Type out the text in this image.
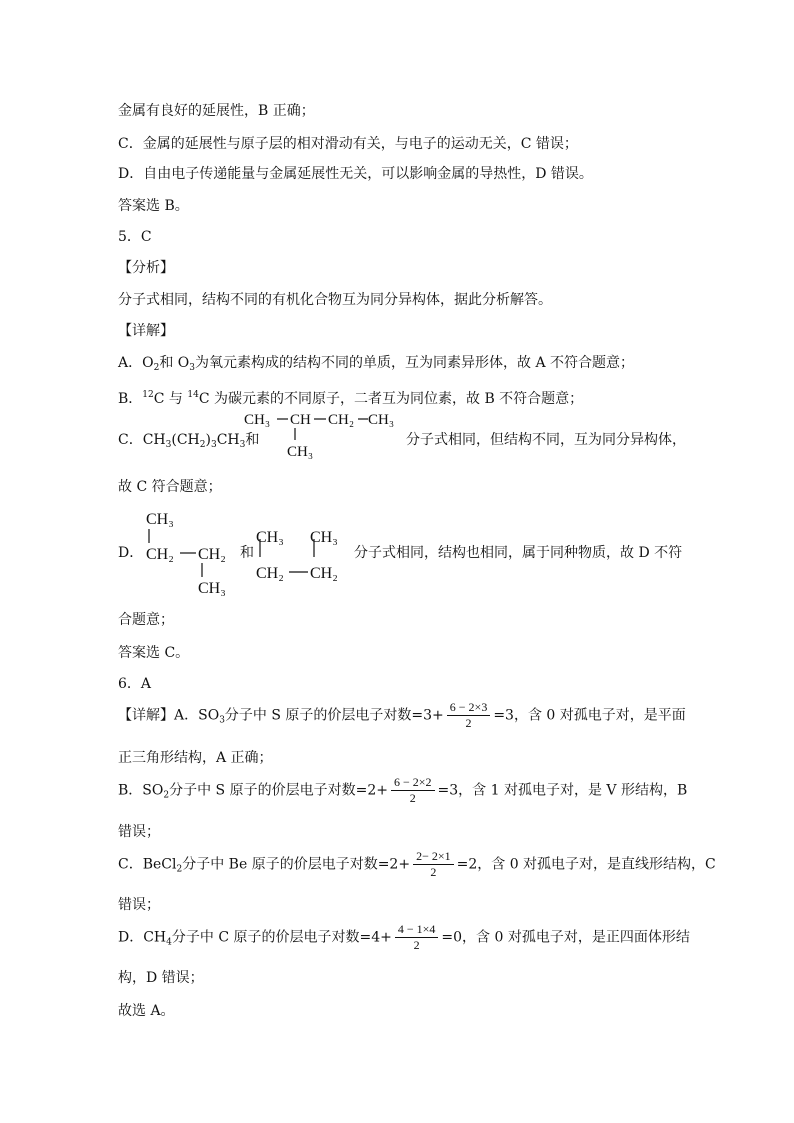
金属有良好的延展性，B 正确；
C．金属的延展性与原子层的相对滑动有关，与电子的运动无关，C 错误；
D．自由电子传递能量与金属延展性无关，可以影响金属的导热性，D 错误。
答案选 B。
5．C
【分析】
分子式相同，结构不同的有机化合物互为同分异构体，据此分析解答。
【详解】
A．$O_2$和 $O_3$为氧元素构成的结构不同的单质，互为同素异形体，故 A 不符合题意；
B．$^{12}$C 与 $^{14}$C 为碳元素的不同原子，二者互为同位素，故 B 不符合题意；
C．$CH_3(CH_2)_3CH_3$和
CH₃ CH CH₂ CH₃
CH₃
分子式相同，但结构不同，互为同分异构体，
故 C 符合题意；
D．
CH₃
CH₂ CH₂
CH₃
和
CH₃ CH₃
CH₂ CH₂
分子式相同，结构也相同，属于同种物质，故 D 不符
合题意；
答案选 C。
6．A
【详解】A．$SO_3$分子中 S 原子的价层电子对数$=3+ \frac{6 - 2\times 3}{2} =3$，含 0 对孤电子对，是平面
正三角形结构，A 正确；
B．$SO_2$分子中 S 原子的价层电子对数$=2+ \frac{6 - 2\times 2}{2} =3$，含 1 对孤电子对，是 V 形结构，B
错误；
C．BeCl$_2$分子中 Be 原子的价层电子对数$=2+ \frac{2- 2\times 1}{2} =2$，含 0 对孤电子对，是直线形结构，C
错误；
D．$CH_4$分子中 C 原子的价层电子对数$=4+ \frac{4 - 1\times 4}{2} =0$，含 0 对孤电子对，是正四面体形结
构，D 错误；
故选 A。
